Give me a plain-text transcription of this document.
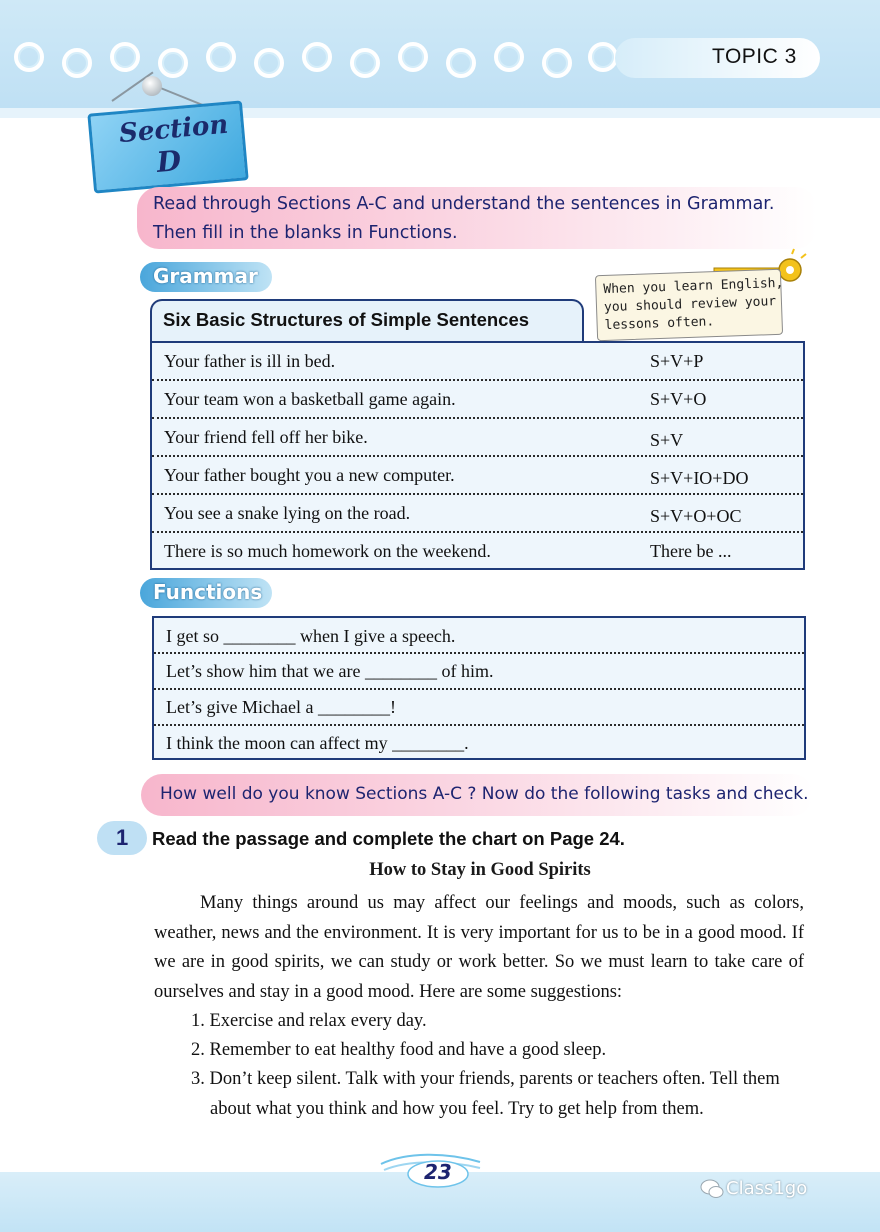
TOPIC 3
Section
D
Read through Sections A-C and understand the sentences in Grammar.
Then fill in the blanks in Functions.
Grammar	When you learn English,
you should review your
lessons often.
Six Basic Structures of Simple Sentences
Your father is ill in bed.	S+V+P
Your team won a basketball game again.	S+V+O
Your friend fell off her bike.	S+V
Your father bought you a new computer.	S+V+IO+DO
You see a snake lying on the road.	S+V+O+OC
There is so much homework on the weekend.	There be ...
Functions
I get so ________ when I give a speech.
Let’s show him that we are ________ of him.
Let’s give Michael a ________!
I think the moon can affect my ________.
How well do you know Sections A-C ? Now do the following tasks and check.
1 Read the passage and complete the chart on Page 24.
How to Stay in Good Spirits
Many things around us may affect our feelings and moods, such as colors, weather, news and the environment. It is very important for us to be in a good mood. If we are in good spirits, we can study or work better. So we must learn to take care of ourselves and stay in a good mood. Here are some suggestions:
1. Exercise and relax every day.
2. Remember to eat healthy food and have a good sleep.
3. Don’t keep silent. Talk with your friends, parents or teachers often. Tell them about what you think and how you feel. Try to get help from them.
23
Class1go
